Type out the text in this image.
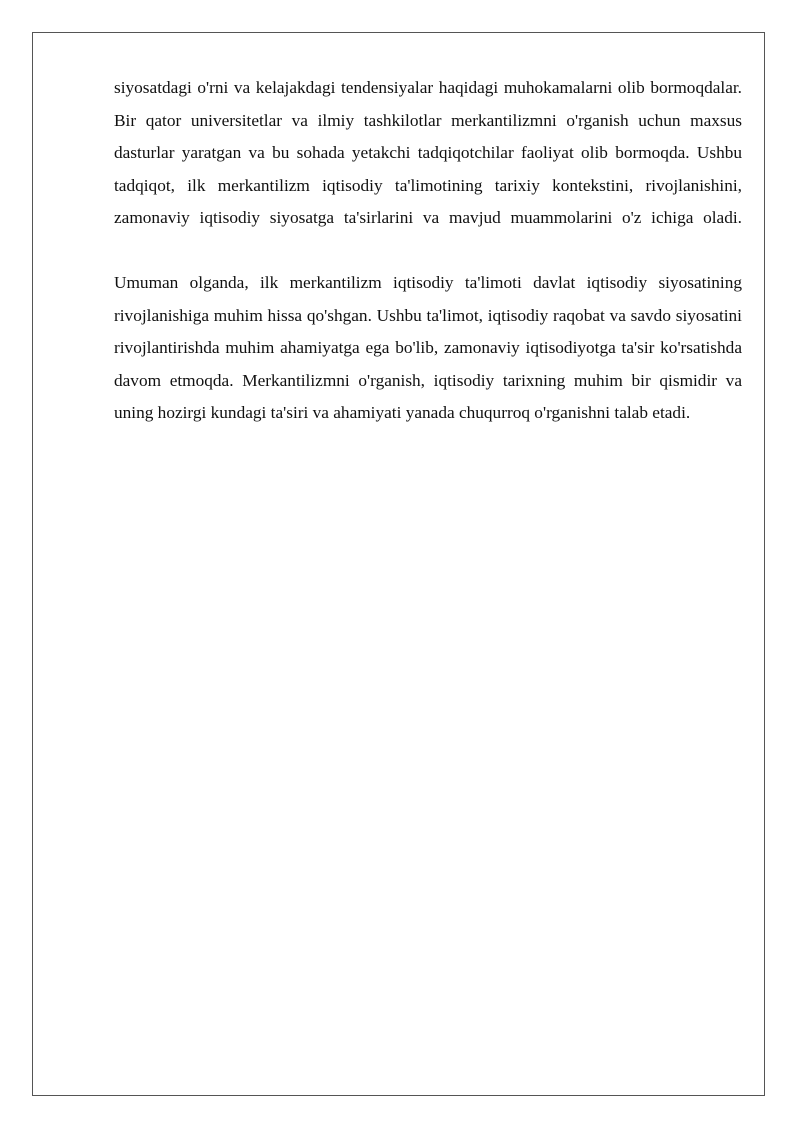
siyosatdagi o'rni va kelajakdagi tendensiyalar haqidagi muhokamalarni olib bormoqdalar. Bir qator universitetlar va ilmiy tashkilotlar merkantilizmni o'rganish uchun maxsus dasturlar yaratgan va bu sohada yetakchi tadqiqotchilar faoliyat olib bormoqda. Ushbu tadqiqot, ilk merkantilizm iqtisodiy ta'limotining tarixiy kontekstini, rivojlanishini, zamonaviy iqtisodiy siyosatga ta'sirlarini va mavjud muammolarini o'z ichiga oladi.

Umuman olganda, ilk merkantilizm iqtisodiy ta'limoti davlat iqtisodiy siyosatining rivojlanishiga muhim hissa qo'shgan. Ushbu ta'limot, iqtisodiy raqobat va savdo siyosatini rivojlantirishda muhim ahamiyatga ega bo'lib, zamonaviy iqtisodiyotga ta'sir ko'rsatishda davom etmoqda. Merkantilizmni o'rganish, iqtisodiy tarixning muhim bir qismidir va uning hozirgi kundagi ta'siri va ahamiyati yanada chuqurroq o'rganishni talab etadi.
